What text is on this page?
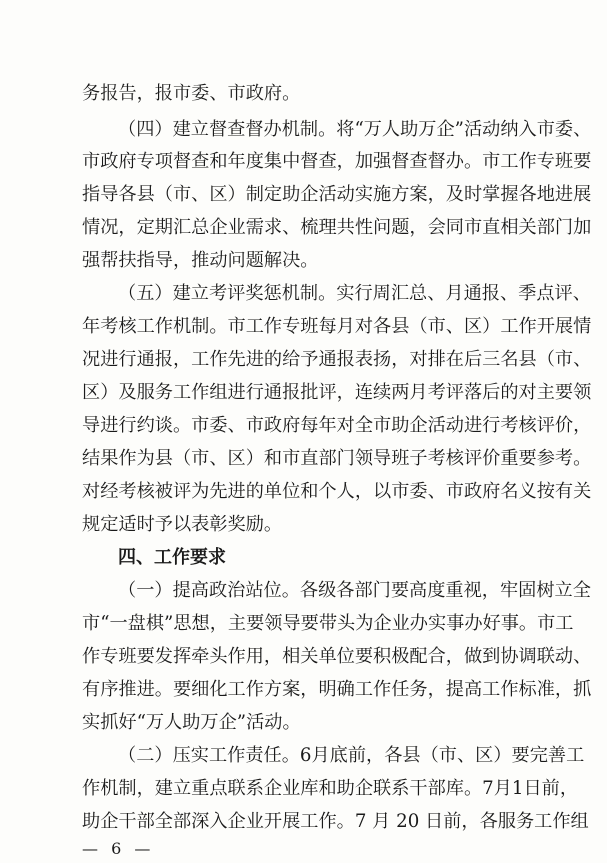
务报告，报市委、市政府。
（四）建立督查督办机制。将“万人助万企”活动纳入市委、
市政府专项督查和年度集中督查，加强督查督办。市工作专班要
指导各县（市、区）制定助企活动实施方案，及时掌握各地进展
情况，定期汇总企业需求、梳理共性问题，会同市直相关部门加
强帮扶指导，推动问题解决。
（五）建立考评奖惩机制。实行周汇总、月通报、季点评、
年考核工作机制。市工作专班每月对各县（市、区）工作开展情
况进行通报，工作先进的给予通报表扬，对排在后三名县（市、
区）及服务工作组进行通报批评，连续两月考评落后的对主要领
导进行约谈。市委、市政府每年对全市助企活动进行考核评价，
结果作为县（市、区）和市直部门领导班子考核评价重要参考。
对经考核被评为先进的单位和个人，以市委、市政府名义按有关
规定适时予以表彰奖励。
四、工作要求
（一）提高政治站位。各级各部门要高度重视，牢固树立全
市“一盘棋”思想，主要领导要带头为企业办实事办好事。市工
作专班要发挥牵头作用，相关单位要积极配合，做到协调联动、
有序推进。要细化工作方案，明确工作任务，提高工作标准，抓
实抓好“万人助万企”活动。
（二）压实工作责任。6月底前，各县（市、区）要完善工
作机制，建立重点联系企业库和助企联系干部库。7月1日前，
助企干部全部深入企业开展工作。7 月 20 日前，各服务工作组
— 6 —
